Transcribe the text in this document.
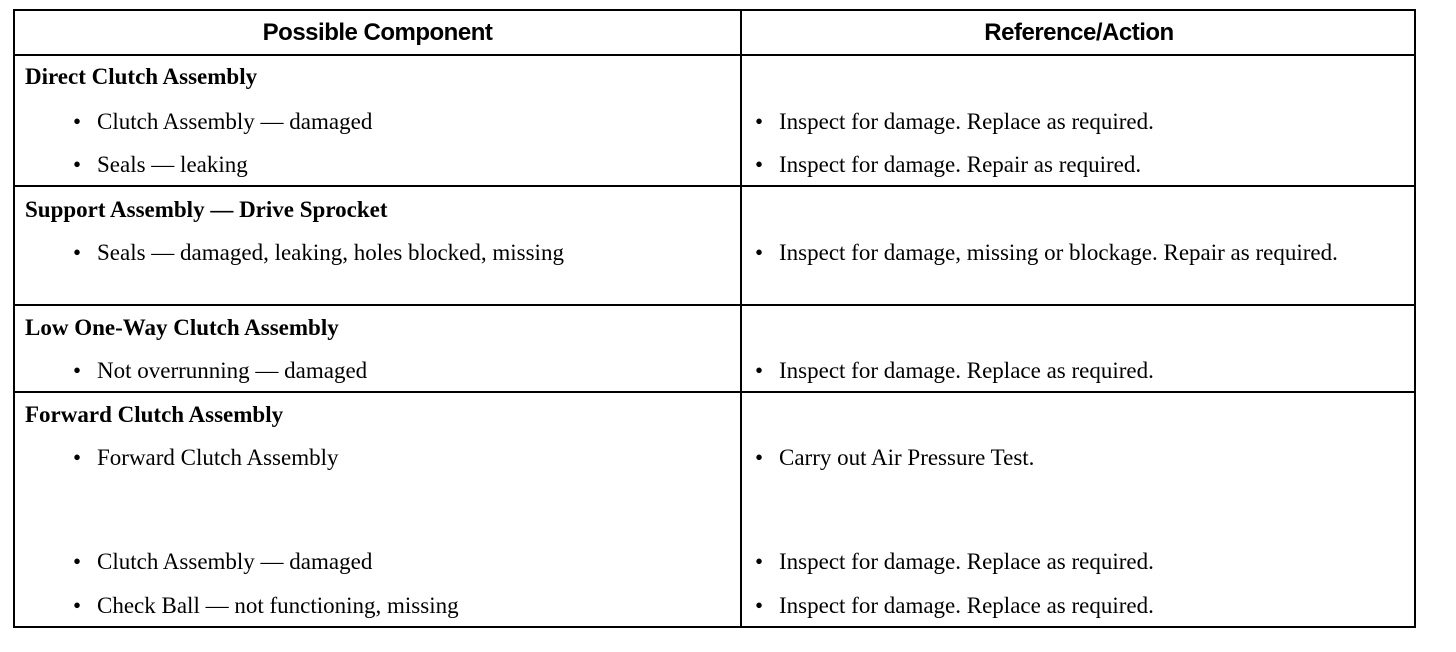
Possible Component	Reference/Action
Direct Clutch Assembly
• Clutch Assembly — damaged	• Inspect for damage. Replace as required.
• Seals — leaking	• Inspect for damage. Repair as required.
Support Assembly — Drive Sprocket
• Seals — damaged, leaking, holes blocked, missing	• Inspect for damage, missing or blockage. Repair as required.
Low One-Way Clutch Assembly
• Not overrunning — damaged	• Inspect for damage. Replace as required.
Forward Clutch Assembly
• Forward Clutch Assembly	• Carry out Air Pressure Test.
• Clutch Assembly — damaged	• Inspect for damage. Replace as required.
• Check Ball — not functioning, missing	• Inspect for damage. Replace as required.
